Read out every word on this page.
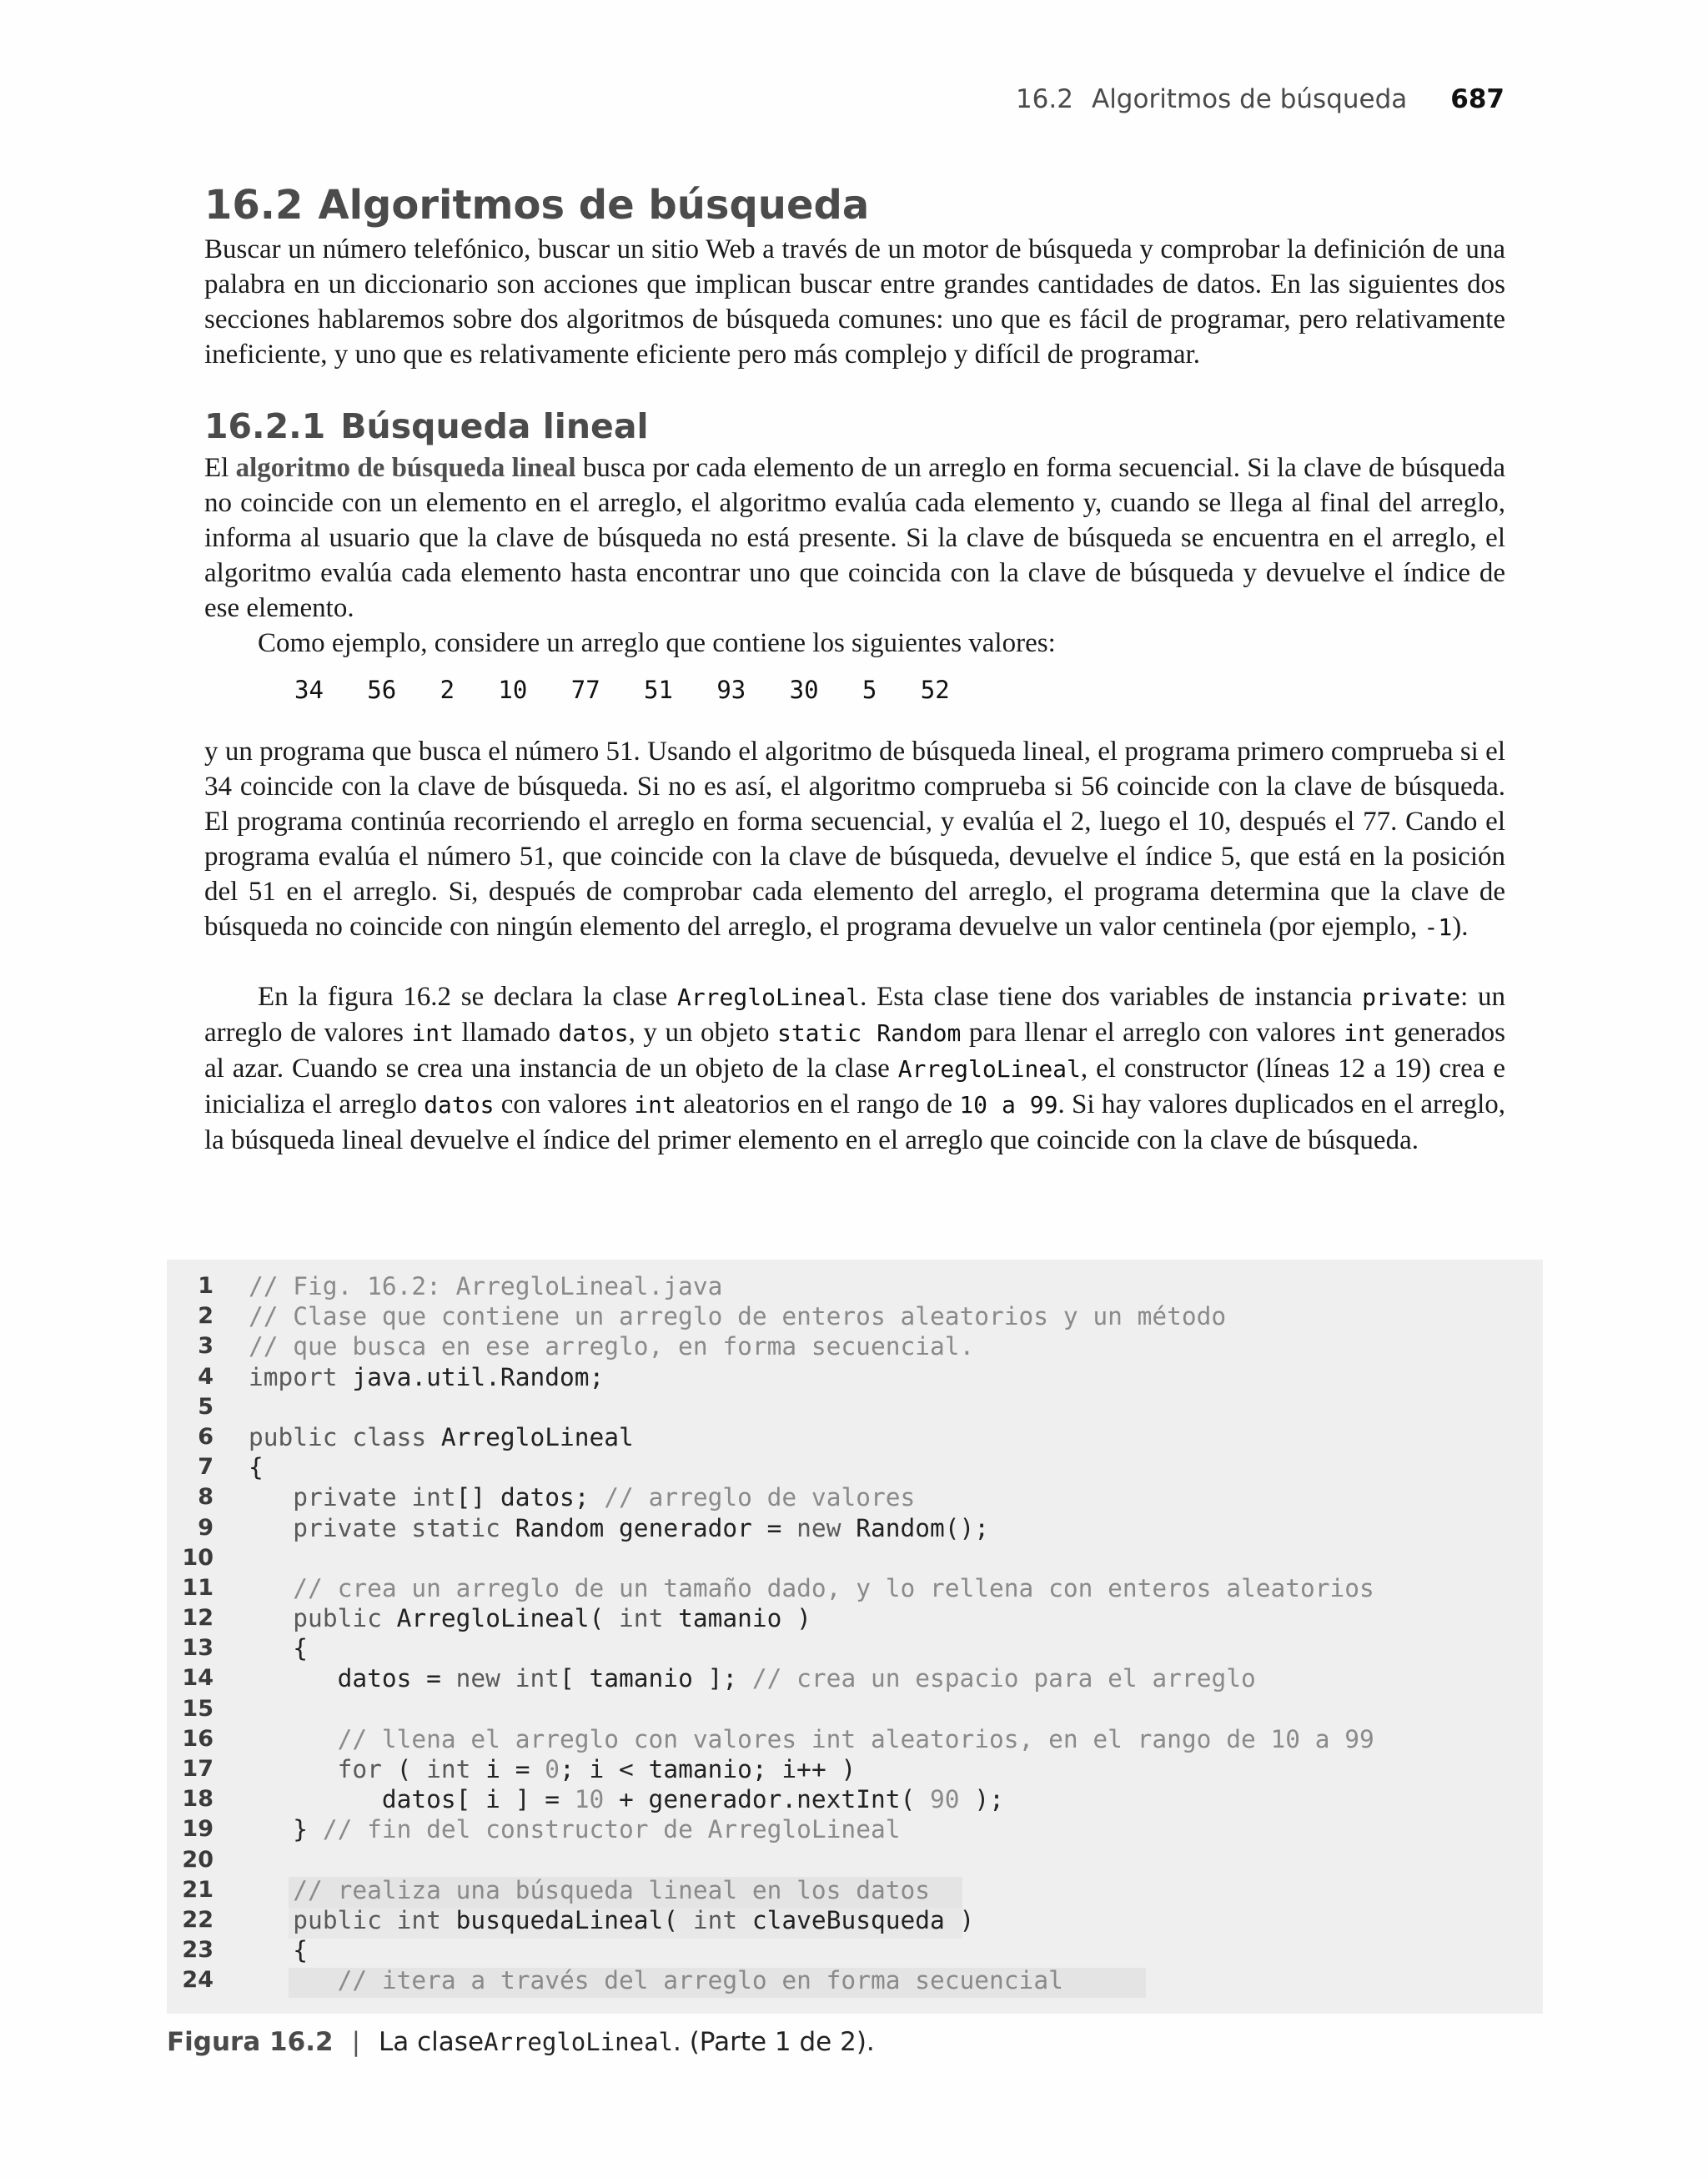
16.2 Algoritmos de búsqueda 687
16.2 Algoritmos de búsqueda

Buscar un número telefónico, buscar un sitio Web a través de un motor de búsqueda y comprobar la definición de una palabra en un diccionario son acciones que implican buscar entre grandes cantidades de datos. En las siguientes dos secciones hablaremos sobre dos algoritmos de búsqueda comunes: uno que es fácil de programar, pero relativamente ineficiente, y uno que es relativamente eficiente pero más complejo y difícil de programar.

16.2.1 Búsqueda lineal

El algoritmo de búsqueda lineal busca por cada elemento de un arreglo en forma secuencial. Si la clave de búsqueda no coincide con un elemento en el arreglo, el algoritmo evalúa cada elemento y, cuando se llega al final del arreglo, informa al usuario que la clave de búsqueda no está presente. Si la clave de búsqueda se encuentra en el arreglo, el algoritmo evalúa cada elemento hasta encontrar uno que coincida con la clave de búsqueda y devuelve el índice de ese elemento.

Como ejemplo, considere un arreglo que contiene los siguientes valores:

34   56   2   10   77   51   93   30   5   52

y un programa que busca el número 51. Usando el algoritmo de búsqueda lineal, el programa primero comprueba si el 34 coincide con la clave de búsqueda. Si no es así, el algoritmo comprueba si 56 coincide con la clave de búsqueda. El programa continúa recorriendo el arreglo en forma secuencial, y evalúa el 2, luego el 10, después el 77. Cando el programa evalúa el número 51, que coincide con la clave de búsqueda, devuelve el índice 5, que está en la posición del 51 en el arreglo. Si, después de comprobar cada elemento del arreglo, el programa determina que la clave de búsqueda no coincide con ningún elemento del arreglo, el programa devuelve un valor centinela (por ejemplo, -1).

En la figura 16.2 se declara la clase ArregloLineal. Esta clase tiene dos variables de instancia private: un arreglo de valores int llamado datos, y un objeto static Random para llenar el arreglo con valores int generados al azar. Cuando se crea una instancia de un objeto de la clase ArregloLineal, el constructor (líneas 12 a 19) crea e inicializa el arreglo datos con valores int aleatorios en el rango de 10 a 99. Si hay valores duplicados en el arreglo, la búsqueda lineal devuelve el índice del primer elemento en el arreglo que coincide con la clave de búsqueda.

1 // Fig. 16.2: ArregloLineal.java
2 // Clase que contiene un arreglo de enteros aleatorios y un método
3 // que busca en ese arreglo, en forma secuencial.
4 import java.util.Random;
5
6 public class ArregloLineal
7 {
8	private int[] datos; // arreglo de valores
9	private static Random generador = new Random();
10
11	// crea un arreglo de un tamaño dado, y lo rellena con enteros aleatorios
12	public ArregloLineal( int tamanio )
13 {
14 datos = new int[ tamanio ]; // crea un espacio para el arreglo
15
16	// llena el arreglo con valores int aleatorios, en el rango de 10 a 99
17	for ( int i = 0; i < tamanio; i++ )
18 datos[ i ] = 10 + generador.nextInt( 90 );
19 } // fin del constructor de ArregloLineal
20
21	// realiza una búsqueda lineal en los datos
22	public int busquedaLineal( int claveBusqueda )
23 {
24	// itera a través del arreglo en forma secuencial

Figura 16.2 | La clase ArregloLineal . (Parte 1 de 2).
